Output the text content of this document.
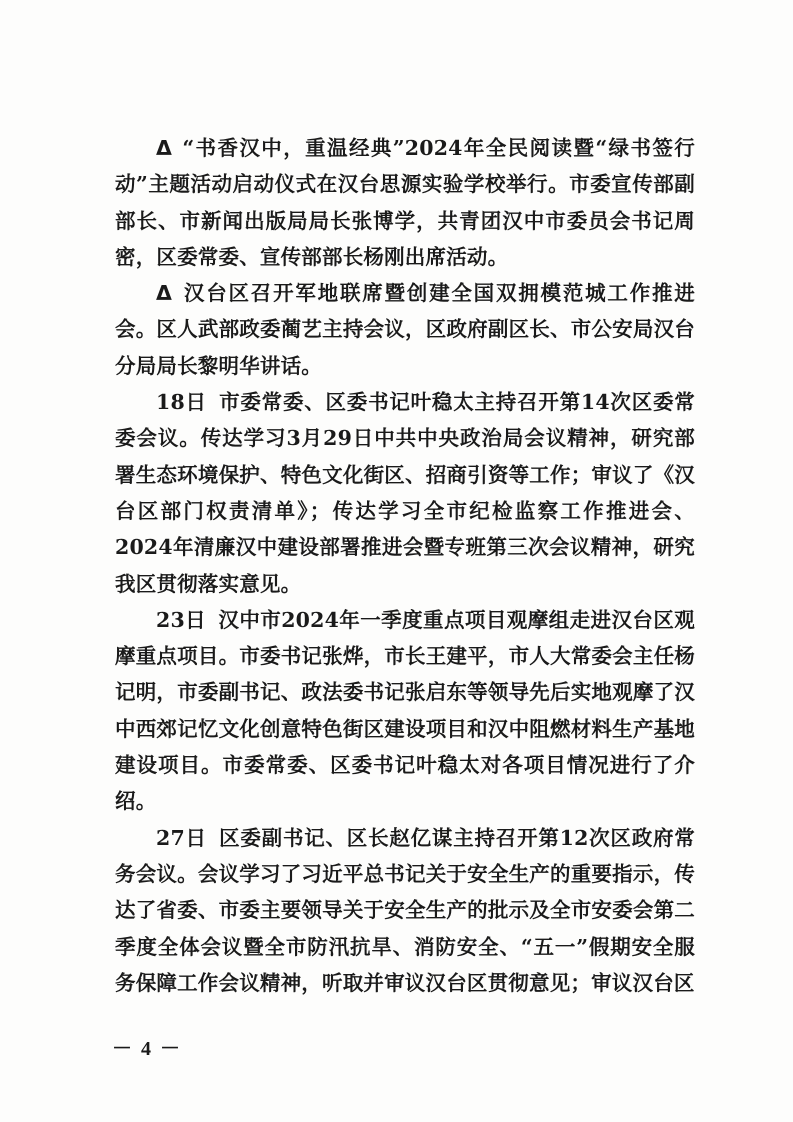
Δ “书香汉中，重温经典”2024年全民阅读暨“绿书签行动”主题活动启动仪式在汉台思源实验学校举行。市委宣传部副部长、市新闻出版局局长张博学，共青团汉中市委员会书记周密，区委常委、宣传部部长杨刚出席活动。

Δ 汉台区召开军地联席暨创建全国双拥模范城工作推进会。区人武部政委蔺艺主持会议，区政府副区长、市公安局汉台分局局长黎明华讲话。

18日 市委常委、区委书记叶稳太主持召开第14次区委常委会议。传达学习3月29日中共中央政治局会议精神，研究部署生态环境保护、特色文化街区、招商引资等工作；审议了《汉台区部门权责清单》；传达学习全市纪检监察工作推进会、2024年清廉汉中建设部署推进会暨专班第三次会议精神，研究我区贯彻落实意见。

23日 汉中市2024年一季度重点项目观摩组走进汉台区观摩重点项目。市委书记张烨，市长王建平，市人大常委会主任杨记明，市委副书记、政法委书记张启东等领导先后实地观摩了汉中西郊记忆文化创意特色街区建设项目和汉中阻燃材料生产基地建设项目。市委常委、区委书记叶稳太对各项目情况进行了介绍。

27日 区委副书记、区长赵亿谋主持召开第12次区政府常务会议。会议学习了习近平总书记关于安全生产的重要指示，传达了省委、市委主要领导关于安全生产的批示及全市安委会第二季度全体会议暨全市防汛抗旱、消防安全、“五一”假期安全服务保障工作会议精神，听取并审议汉台区贯彻意见；审议汉台区

－ 4 －
